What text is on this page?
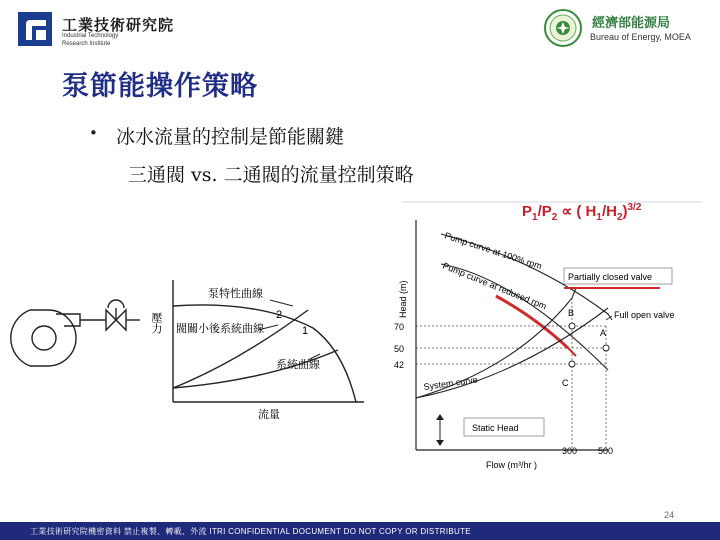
工業技術研究院
Industrial Technology
Research Institute
經濟部能源局
Bureau of Energy, MOEA
泵節能操作策略
• 冰水流量的控制是節能關鍵
三通閥 vs. 二通閥的流量控制策略
壓力
泵特性曲線
閥關小後系統曲線
系統曲線
流量
2
1
$P_1/P_2$ ∝ ( $H_1/H_2)^{3/2}$
Head (m)
Flow (m³/hr )
Pump curve at 100% rpm
Pump curve at reduced rpm
System curve
70
50
42
300 500
B
A
C
Partially closed valve
Full open valve
Static Head
24
工業技術研究院機密資料 禁止複製、轉載、外流 ITRI CONFIDENTIAL DOCUMENT DO NOT COPY OR DISTRIBUTE
